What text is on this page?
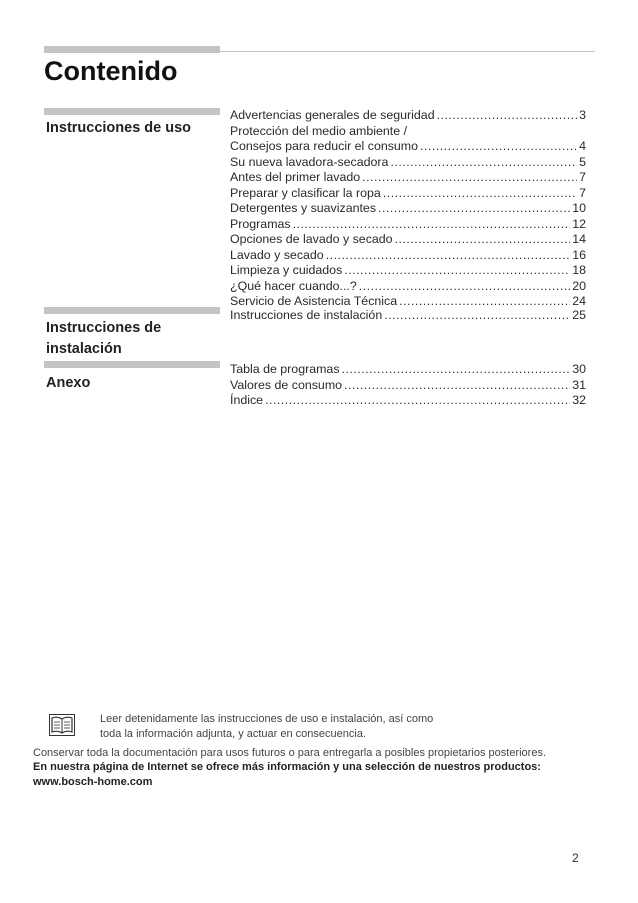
Contenido
Instrucciones de uso
Advertencias generales de seguridad .....	3
Protección del medio ambiente /
Consejos para reducir el consumo .....	4
Su nueva lavadora-secadora .....	5
Antes del primer lavado .....	7
Preparar y clasificar la ropa .....	7
Detergentes y suavizantes .....	10
Programas .....	12
Opciones de lavado y secado .....	14
Lavado y secado .....	16
Limpieza y cuidados .....	18
¿Qué hacer cuando...? .....	20
Servicio de Asistencia Técnica .....	24
Instrucciones de
instalación
Instrucciones de instalación .....	25
Anexo
Tabla de programas .....	30
Valores de consumo .....	31
Índice .....	32

Leer detenidamente las instrucciones de uso e instalación, así como
toda la información adjunta, y actuar en consecuencia.

Conservar toda la documentación para usos futuros o para entregarla a posibles propietarios posteriores.

En nuestra página de Internet se ofrece más información y una selección de nuestros productos:

www.bosch-home.com

2
